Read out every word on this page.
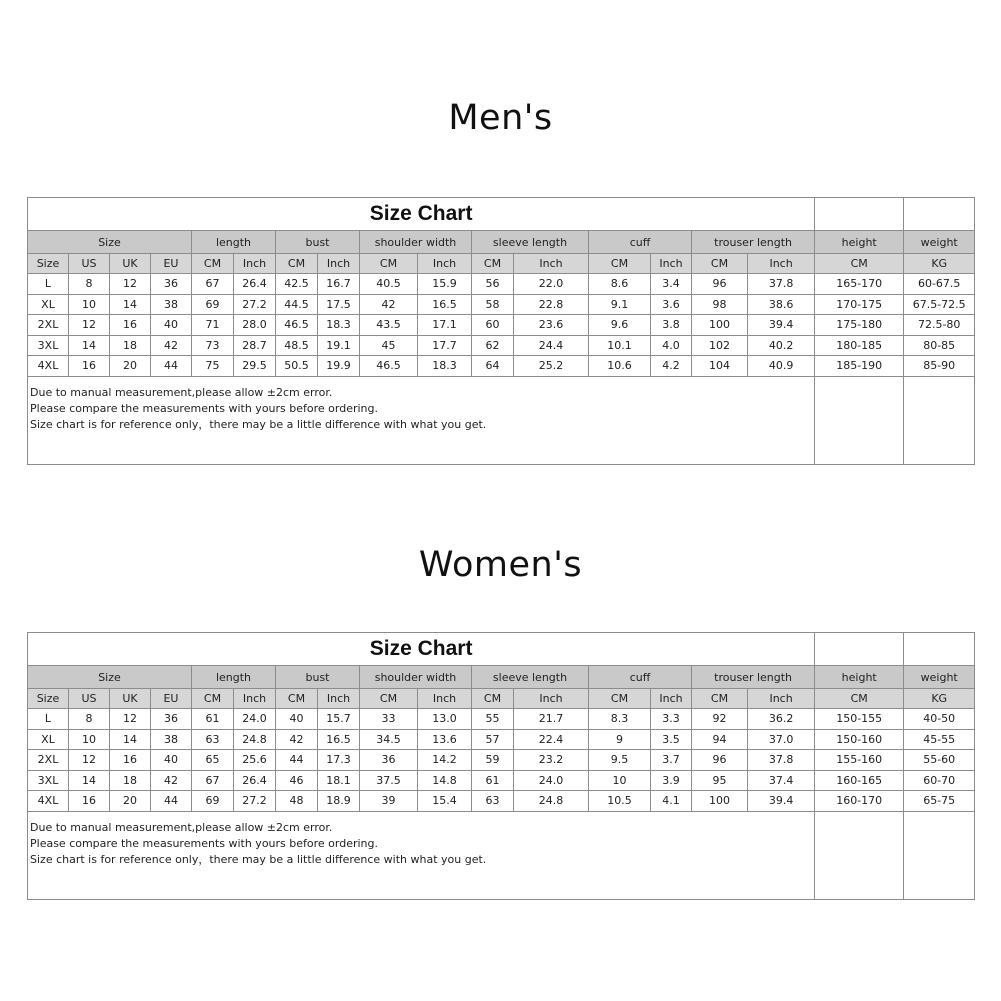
Men's
Size Chart																	
Size				length		bust		shoulder width		sleeve length		cuff		trouser length		height	weight
Size	US	UK	EU	CM	Inch	CM	Inch	CM	Inch	CM	Inch	CM	Inch	CM	Inch	CM	KG
L	8	12	36	67	26.4	42.5	16.7	40.5	15.9	56	22.0	8.6	3.4	96	37.8	165-170	60-67.5
XL	10	14	38	69	27.2	44.5	17.5	42	16.5	58	22.8	9.1	3.6	98	38.6	170-175	67.5-72.5
2XL	12	16	40	71	28.0	46.5	18.3	43.5	17.1	60	23.6	9.6	3.8	100	39.4	175-180	72.5-80
3XL	14	18	42	73	28.7	48.5	19.1	45	17.7	62	24.4	10.1	4.0	102	40.2	180-185	80-85
4XL	16	20	44	75	29.5	50.5	19.9	46.5	18.3	64	25.2	10.6	4.2	104	40.9	185-190	85-90

Due to manual measurement,please allow ±2cm error.
Please compare the measurements with yours before ordering.
Size chart is for reference only，there may be a little difference with what you get.																	

Women's
Size Chart																	
Size				length		bust		shoulder width		sleeve length		cuff		trouser length		height	weight
Size	US	UK	EU	CM	Inch	CM	Inch	CM	Inch	CM	Inch	CM	Inch	CM	Inch	CM	KG
L	8	12	36	61	24.0	40	15.7	33	13.0	55	21.7	8.3	3.3	92	36.2	150-155	40-50
XL	10	14	38	63	24.8	42	16.5	34.5	13.6	57	22.4	9	3.5	94	37.0	150-160	45-55
2XL	12	16	40	65	25.6	44	17.3	36	14.2	59	23.2	9.5	3.7	96	37.8	155-160	55-60
3XL	14	18	42	67	26.4	46	18.1	37.5	14.8	61	24.0	10	3.9	95	37.4	160-165	60-70
4XL	16	20	44	69	27.2	48	18.9	39	15.4	63	24.8	10.5	4.1	100	39.4	160-170	65-75

Due to manual measurement,please allow ±2cm error.
Please compare the measurements with yours before ordering.
Size chart is for reference only，there may be a little difference with what you get.																	
